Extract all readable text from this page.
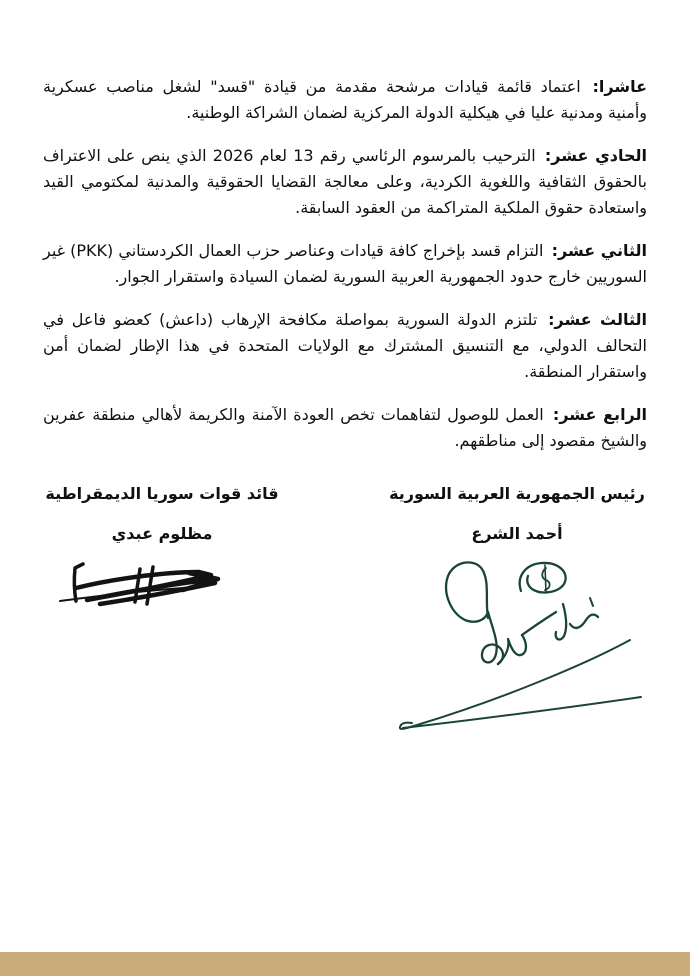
عاشرا: اعتماد قائمة قيادات مرشحة مقدمة من قيادة "قسد" لشغل مناصب عسكرية وأمنية ومدنية عليا في هيكلية الدولة المركزية لضمان الشراكة الوطنية.

الحادي عشر: الترحيب بالمرسوم الرئاسي رقم 13 لعام 2026 الذي ينص على الاعتراف بالحقوق الثقافية واللغوية الكردية، وعلى معالجة القضايا الحقوقية والمدنية لمكتومي القيد واستعادة حقوق الملكية المتراكمة من العقود السابقة.

الثاني عشر: التزام قسد بإخراج كافة قيادات وعناصر حزب العمال الكردستاني (PKK) غير السوريين خارج حدود الجمهورية العربية السورية لضمان السيادة واستقرار الجوار.

الثالث عشر: تلتزم الدولة السورية بمواصلة مكافحة الإرهاب (داعش) كعضو فاعل في التحالف الدولي، مع التنسيق المشترك مع الولايات المتحدة في هذا الإطار لضمان أمن واستقرار المنطقة.

الرابع عشر: العمل للوصول لتفاهمات تخص العودة الآمنة والكريمة لأهالي منطقة عفرين والشيخ مقصود إلى مناطقهم.

رئيس الجمهورية العربية السورية
أحمد الشرع
قائد قوات سوريا الديمقراطية
مظلوم عبدي
